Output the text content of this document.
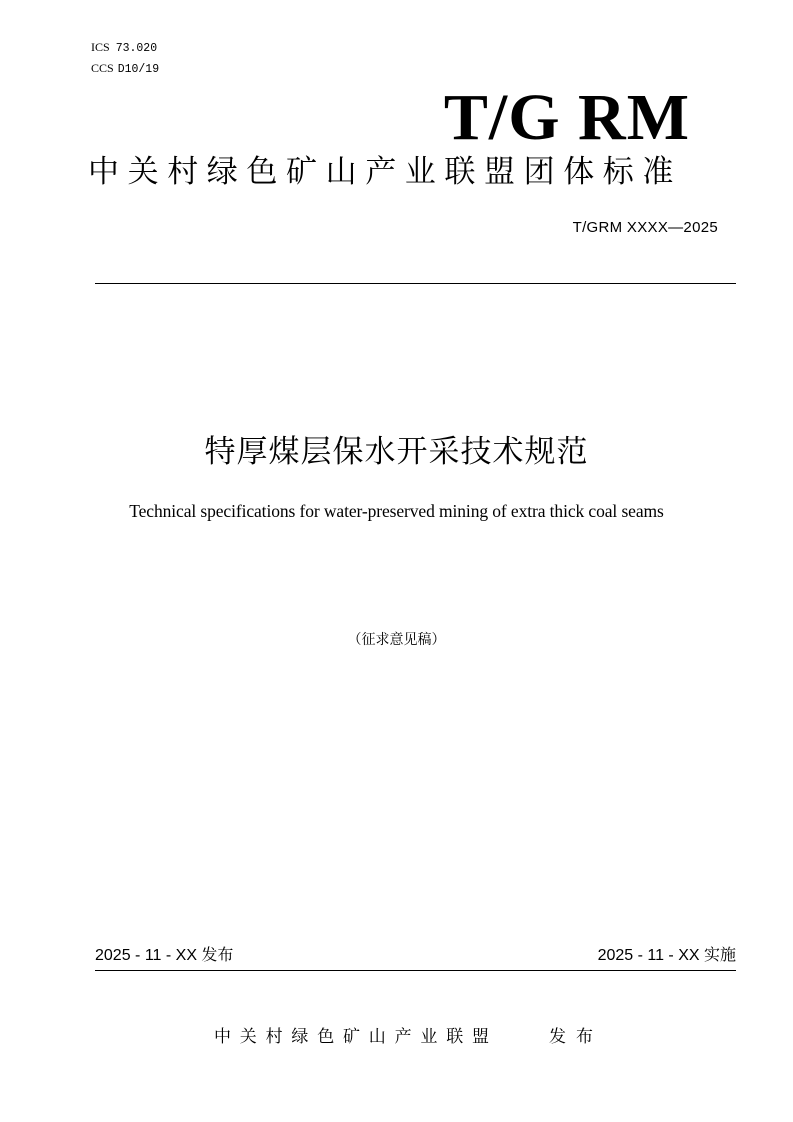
ICS 73.020
CCS D10/19
T/G RM
中关村绿色矿山产业联盟团体标准
T/GRM XXXX—2025
特厚煤层保水开采技术规范
Technical specifications for water-preserved mining of extra thick coal seams
（征求意见稿）
2025 - 11 - XX 发布	2025 - 11 - XX 实施
中关村绿色矿山产业联盟	发布
